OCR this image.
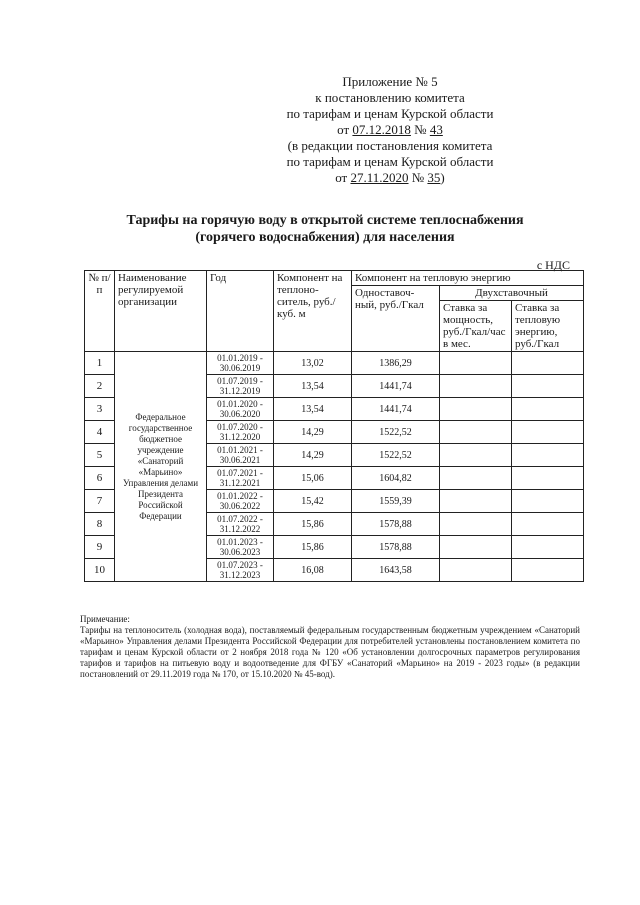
Приложение № 5
к постановлению комитета
по тарифам и ценам Курской области
от 07.12.2018 № 43
(в редакции постановления комитета
по тарифам и ценам Курской области
от 27.11.2020 № 35)
Тарифы на горячую воду в открытой системе теплоснабжения
(горячего водоснабжения) для населения
с НДС
№ п/п	Наименование регулируемой организации	Год	Компонент на теплоно-ситель, руб./куб. м	Компонент на тепловую энергию		
				Одноставоч-ный, руб./Гкал	Двухставочный	
					Ставка за мощность, руб./Гкал/час в мес.	Ставка за тепловую энергию, руб./Гкал
1	Федеральное государственное бюджетное учреждение «Санаторий «Марьино» Управления делами Президента Российской Федерации	01.01.2019 - 30.06.2019	13,02	1386,29		
2		01.07.2019 - 31.12.2019	13,54	1441,74		
3		01.01.2020 - 30.06.2020	13,54	1441,74		
4		01.07.2020 - 31.12.2020	14,29	1522,52		
5		01.01.2021 - 30.06.2021	14,29	1522,52		
6		01.07.2021 - 31.12.2021	15,06	1604,82		
7		01.01.2022 - 30.06.2022	15,42	1559,39		
8		01.07.2022 - 31.12.2022	15,86	1578,88		
9		01.01.2023 - 30.06.2023	15,86	1578,88		
10		01.07.2023 - 31.12.2023	16,08	1643,58		

Примечание:

Тарифы на теплоноситель (холодная вода), поставляемый федеральным государственным бюджетным учреждением «Санаторий «Марьино» Управления делами Президента Российской Федерации для потребителей установлены постановлением комитета по тарифам и ценам Курской области от 2 ноября 2018 года № 120 «Об установлении долгосрочных параметров регулирования тарифов и тарифов на питьевую воду и водоотведение для ФГБУ «Санаторий «Марьино» на 2019 - 2023 годы» (в редакции постановлений от 29.11.2019 года № 170, от 15.10.2020 № 45-вод).
